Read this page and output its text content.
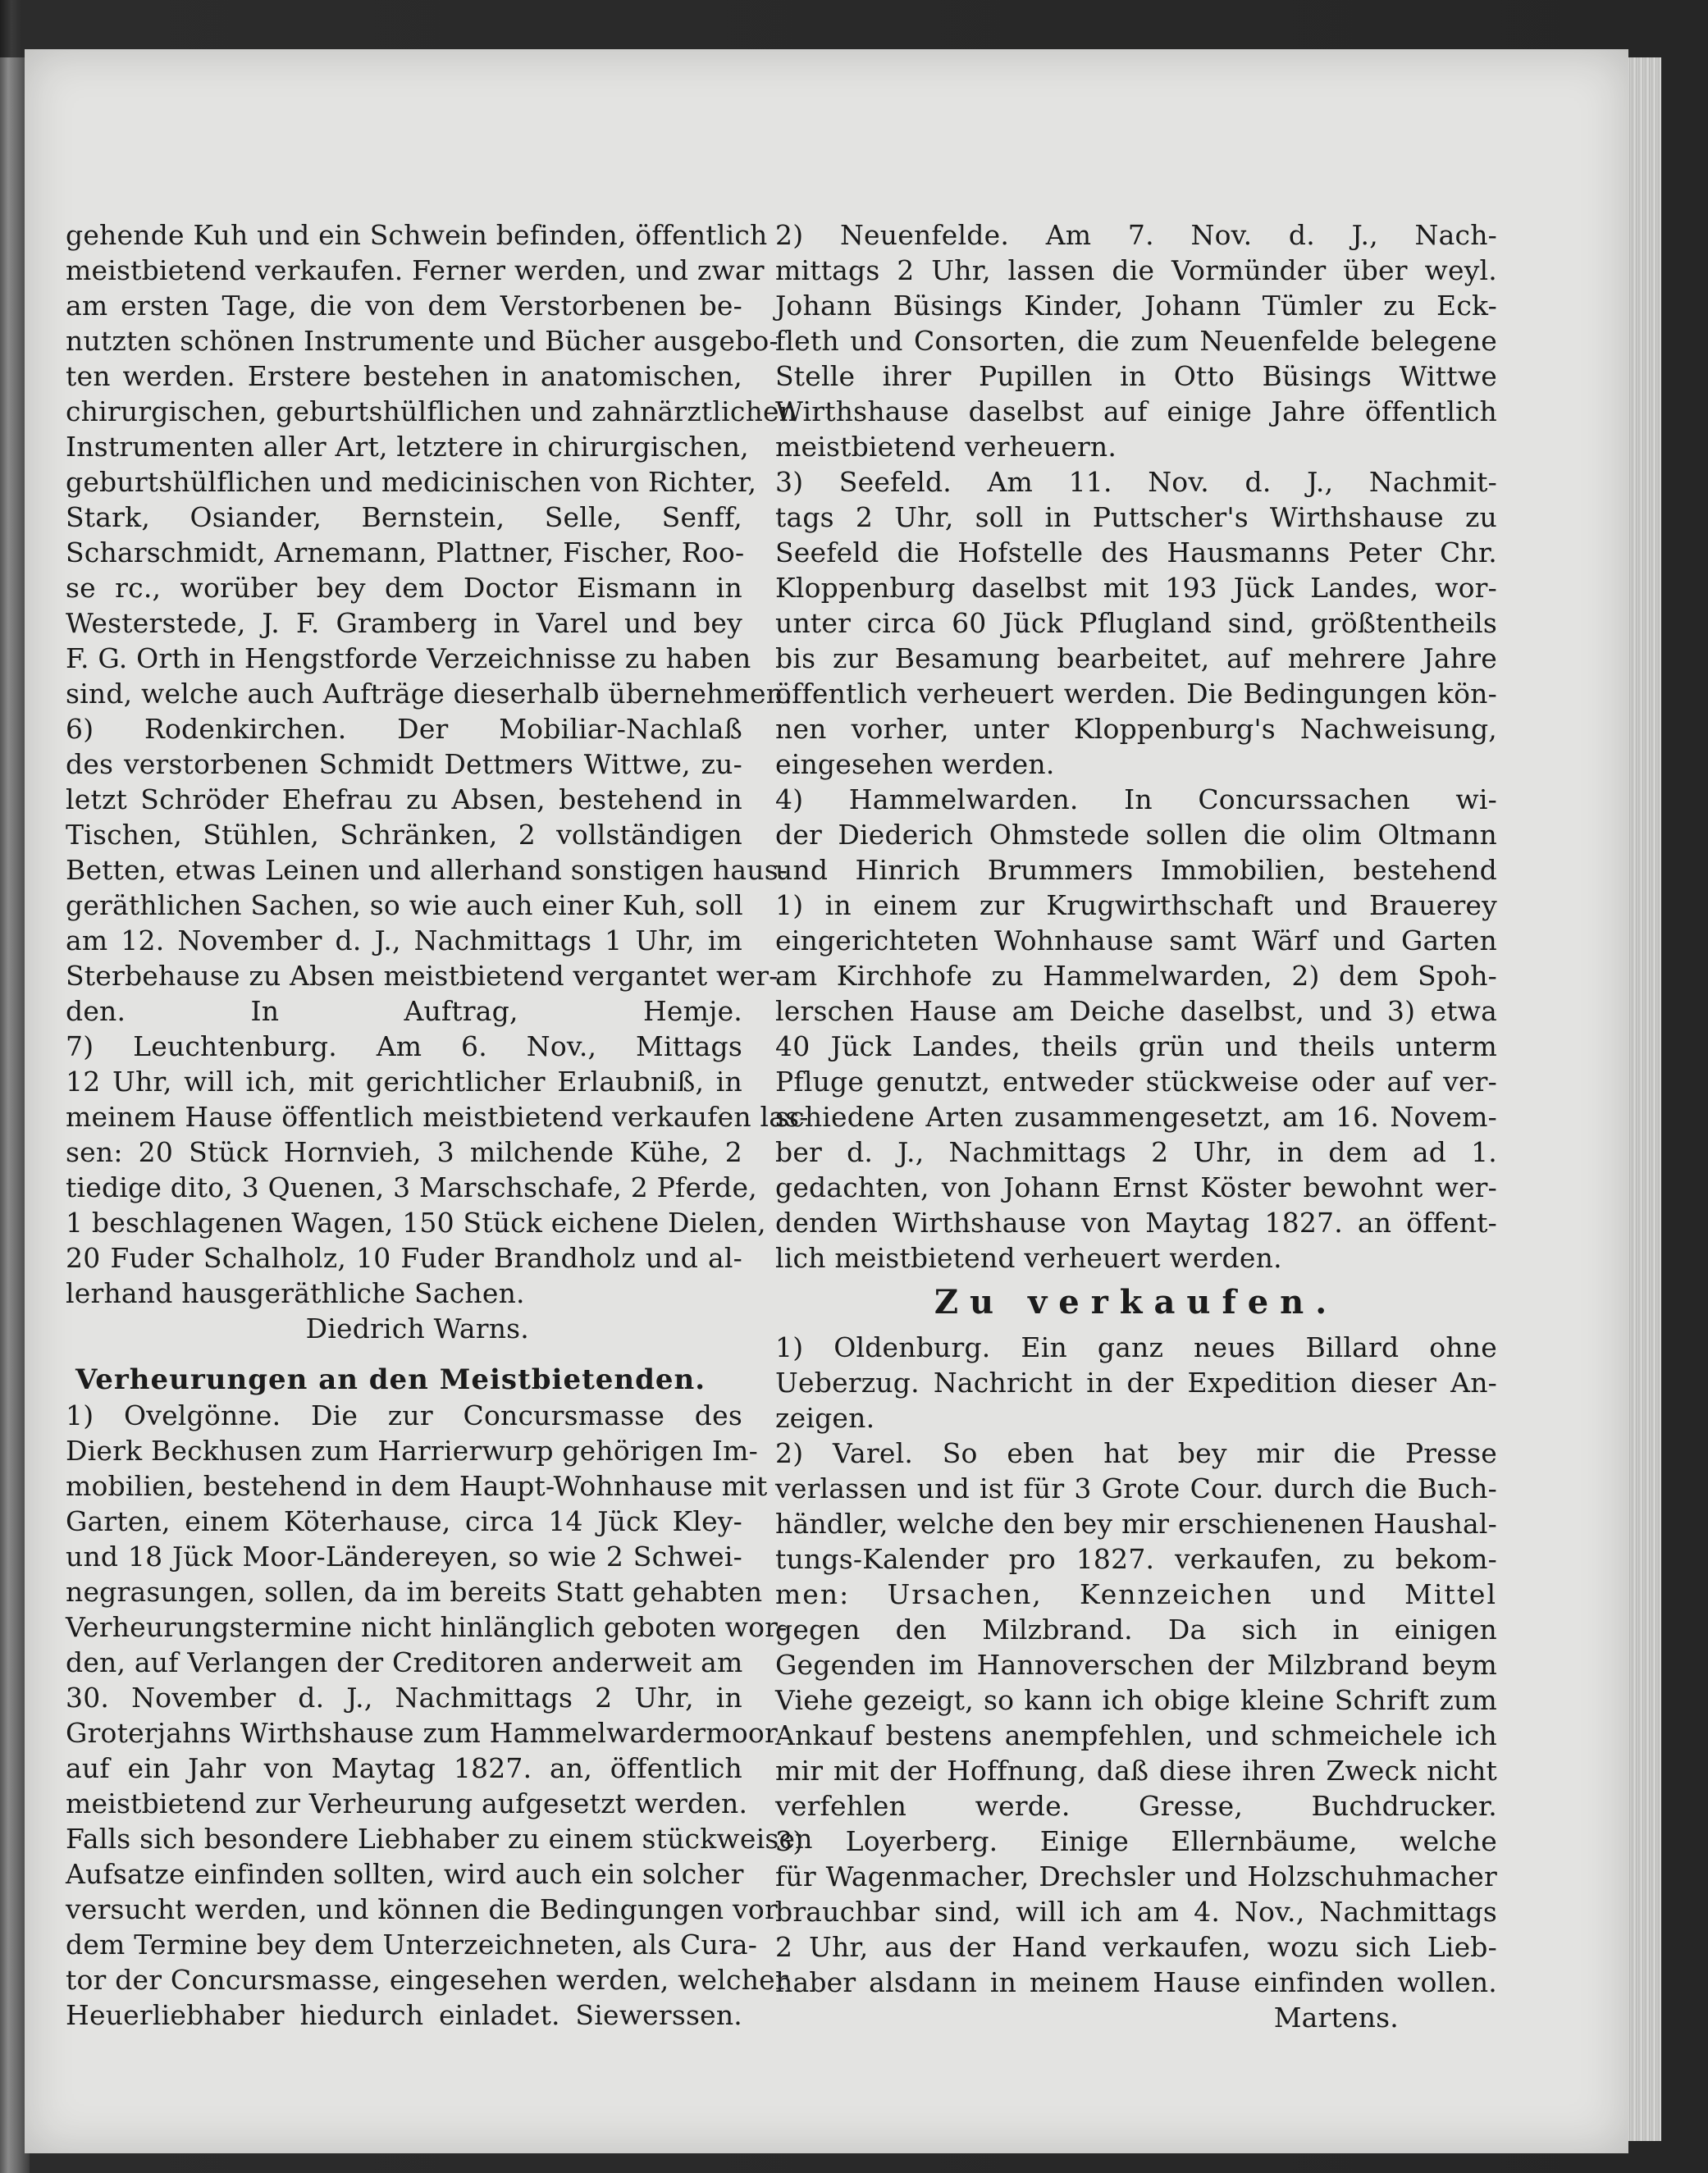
gehende Kuh und ein Schwein befinden, öffentlich
meistbietend verkaufen. Ferner werden, und zwar
am ersten Tage, die von dem Verstorbenen be-
nutzten schönen Instrumente und Bücher ausgebo-
ten werden. Erstere bestehen in anatomischen,
chirurgischen, geburtshülflichen und zahnärztlichen
Instrumenten aller Art, letztere in chirurgischen,
geburtshülflichen und medicinischen von Richter,
Stark, Osiander, Bernstein, Selle, Senff,
Scharschmidt, Arnemann, Plattner, Fischer, Roo-
se rc., worüber bey dem Doctor Eismann in
Westerstede, J. F. Gramberg in Varel und bey
F. G. Orth in Hengstforde Verzeichnisse zu haben
sind, welche auch Aufträge dieserhalb übernehmen.
6) Rodenkirchen. Der Mobiliar-Nachlaß
des verstorbenen Schmidt Dettmers Wittwe, zu-
letzt Schröder Ehefrau zu Absen, bestehend in
Tischen, Stühlen, Schränken, 2 vollständigen
Betten, etwas Leinen und allerhand sonstigen haus-
geräthlichen Sachen, so wie auch einer Kuh, soll
am 12. November d. J., Nachmittags 1 Uhr, im
Sterbehause zu Absen meistbietend vergantet wer-
den. In Auftrag, Hemje.
7) Leuchtenburg. Am 6. Nov., Mittags
12 Uhr, will ich, mit gerichtlicher Erlaubniß, in
meinem Hause öffentlich meistbietend verkaufen las-
sen: 20 Stück Hornvieh, 3 milchende Kühe, 2
tiedige dito, 3 Quenen, 3 Marschschafe, 2 Pferde,
1 beschlagenen Wagen, 150 Stück eichene Dielen,
20 Fuder Schalholz, 10 Fuder Brandholz und al-
lerhand hausgeräthliche Sachen.
Diedrich Warns.
Verheurungen an den Meistbietenden.
1) Ovelgönne. Die zur Concursmasse des
Dierk Beckhusen zum Harrierwurp gehörigen Im-
mobilien, bestehend in dem Haupt-Wohnhause mit
Garten, einem Köterhause, circa 14 Jück Kley-
und 18 Jück Moor-Ländereyen, so wie 2 Schwei-
negrasungen, sollen, da im bereits Statt gehabten
Verheurungstermine nicht hinlänglich geboten wor-
den, auf Verlangen der Creditoren anderweit am
30. November d. J., Nachmittags 2 Uhr, in
Groterjahns Wirthshause zum Hammelwardermoor
auf ein Jahr von Maytag 1827. an, öffentlich
meistbietend zur Verheurung aufgesetzt werden.
Falls sich besondere Liebhaber zu einem stückweisen
Aufsatze einfinden sollten, wird auch ein solcher
versucht werden, und können die Bedingungen vor
dem Termine bey dem Unterzeichneten, als Cura-
tor der Concursmasse, eingesehen werden, welcher
Heuerliebhaber hiedurch einladet. Siewerssen.
2) Neuenfelde. Am 7. Nov. d. J., Nach-
mittags 2 Uhr, lassen die Vormünder über weyl.
Johann Büsings Kinder, Johann Tümler zu Eck-
fleth und Consorten, die zum Neuenfelde belegene
Stelle ihrer Pupillen in Otto Büsings Wittwe
Wirthshause daselbst auf einige Jahre öffentlich
meistbietend verheuern.
3) Seefeld. Am 11. Nov. d. J., Nachmit-
tags 2 Uhr, soll in Puttscher's Wirthshause zu
Seefeld die Hofstelle des Hausmanns Peter Chr.
Kloppenburg daselbst mit 193 Jück Landes, wor-
unter circa 60 Jück Pflugland sind, größtentheils
bis zur Besamung bearbeitet, auf mehrere Jahre
öffentlich verheuert werden. Die Bedingungen kön-
nen vorher, unter Kloppenburg's Nachweisung,
eingesehen werden.
4) Hammelwarden. In Concurssachen wi-
der Diederich Ohmstede sollen die olim Oltmann
und Hinrich Brummers Immobilien, bestehend
1) in einem zur Krugwirthschaft und Brauerey
eingerichteten Wohnhause samt Wärf und Garten
am Kirchhofe zu Hammelwarden, 2) dem Spoh-
lerschen Hause am Deiche daselbst, und 3) etwa
40 Jück Landes, theils grün und theils unterm
Pfluge genutzt, entweder stückweise oder auf ver-
schiedene Arten zusammengesetzt, am 16. Novem-
ber d. J., Nachmittags 2 Uhr, in dem ad 1.
gedachten, von Johann Ernst Köster bewohnt wer-
denden Wirthshause von Maytag 1827. an öffent-
lich meistbietend verheuert werden.
Zu verkaufen.
1) Oldenburg. Ein ganz neues Billard ohne
Ueberzug. Nachricht in der Expedition dieser An-
zeigen.
2) Varel. So eben hat bey mir die Presse
verlassen und ist für 3 Grote Cour. durch die Buch-
händler, welche den bey mir erschienenen Haushal-
tungs-Kalender pro 1827. verkaufen, zu bekom-
men: Ursachen, Kennzeichen und Mittel
gegen den Milzbrand. Da sich in einigen
Gegenden im Hannoverschen der Milzbrand beym
Viehe gezeigt, so kann ich obige kleine Schrift zum
Ankauf bestens anempfehlen, und schmeichele ich
mir mit der Hoffnung, daß diese ihren Zweck nicht
verfehlen werde. Gresse, Buchdrucker.
3) Loyerberg. Einige Ellernbäume, welche
für Wagenmacher, Drechsler und Holzschuhmacher
brauchbar sind, will ich am 4. Nov., Nachmittags
2 Uhr, aus der Hand verkaufen, wozu sich Lieb-
haber alsdann in meinem Hause einfinden wollen.
Martens.
